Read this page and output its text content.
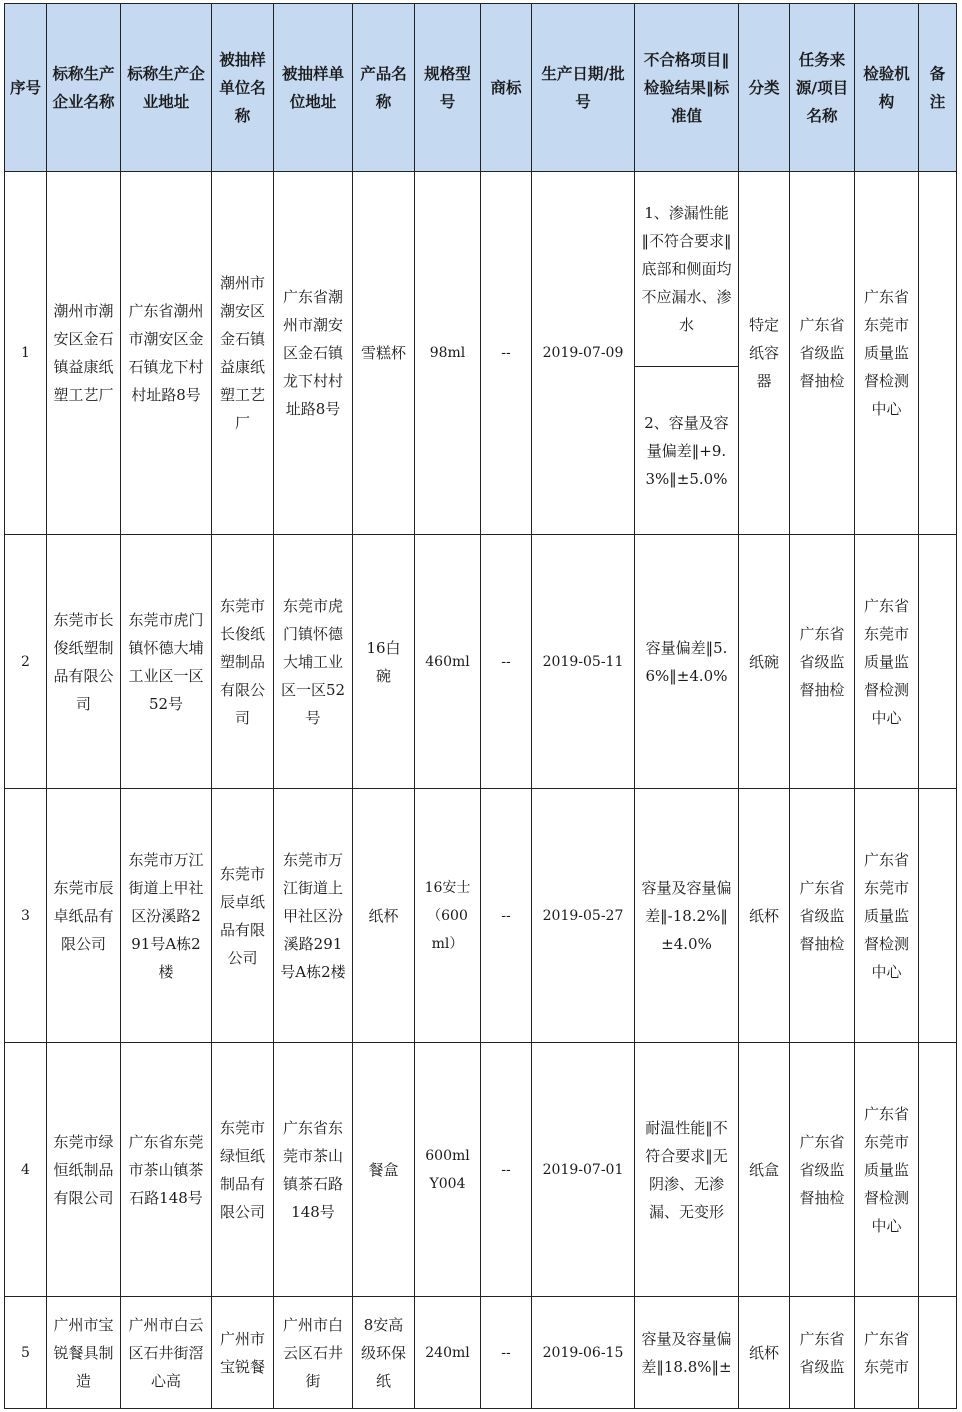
序号	标称生产企业名称	标称生产企业地址	被抽样单位名称	被抽样单位地址	产品名称	规格型号	商标	生产日期/批号	不合格项目‖检验结果‖标准值	分类	任务来源/项目名称	检验机构	备注
1	潮州市潮安区金石镇益康纸塑工艺厂	广东省潮州市潮安区金石镇龙下村村址路8号	潮州市潮安区金石镇益康纸塑工艺厂	广东省潮州市潮安区金石镇龙下村村址路8号	雪糕杯	98ml	--	2019-07-09	1、渗漏性能‖不符合要求‖底部和侧面均不应漏水、渗水	特定纸容器	广东省省级监督抽检	广东省东莞市质量监督检测中心	
									2、容量及容量偏差‖+9.3%‖±5.0%				
2	东莞市长俊纸塑制品有限公司	东莞市虎门镇怀德大埔工业区一区52号	东莞市长俊纸塑制品有限公司	东莞市虎门镇怀德大埔工业区一区52号	16白碗	460ml	--	2019-05-11	容量偏差‖5.6%‖±4.0%	纸碗	广东省省级监督抽检	广东省东莞市质量监督检测中心	
3	东莞市辰卓纸品有限公司	东莞市万江街道上甲社区汾溪路291号A栋2楼	东莞市辰卓纸品有限公司	东莞市万江街道上甲社区汾溪路291号A栋2楼	纸杯	16安士（600ml）	--	2019-05-27	容量及容量偏差‖-18.2%‖±4.0%	纸杯	广东省省级监督抽检	广东省东莞市质量监督检测中心	
4	东莞市绿恒纸制品有限公司	广东省东莞市茶山镇茶石路148号	东莞市绿恒纸制品有限公司	广东省东莞市茶山镇茶石路148号	餐盒	600ml Y004	--	2019-07-01	耐温性能‖不符合要求‖无阴渗、无渗漏、无变形	纸盒	广东省省级监督抽检	广东省东莞市质量监督检测中心	
5	广州市宝锐餐具制造	广州市白云区石井街滘心高	广州市宝锐餐	广州市白云区石井街	8安高级环保纸	240ml	--	2019-06-15	容量及容量偏差‖18.8%‖±	纸杯	广东省省级监	广东省东莞市	
